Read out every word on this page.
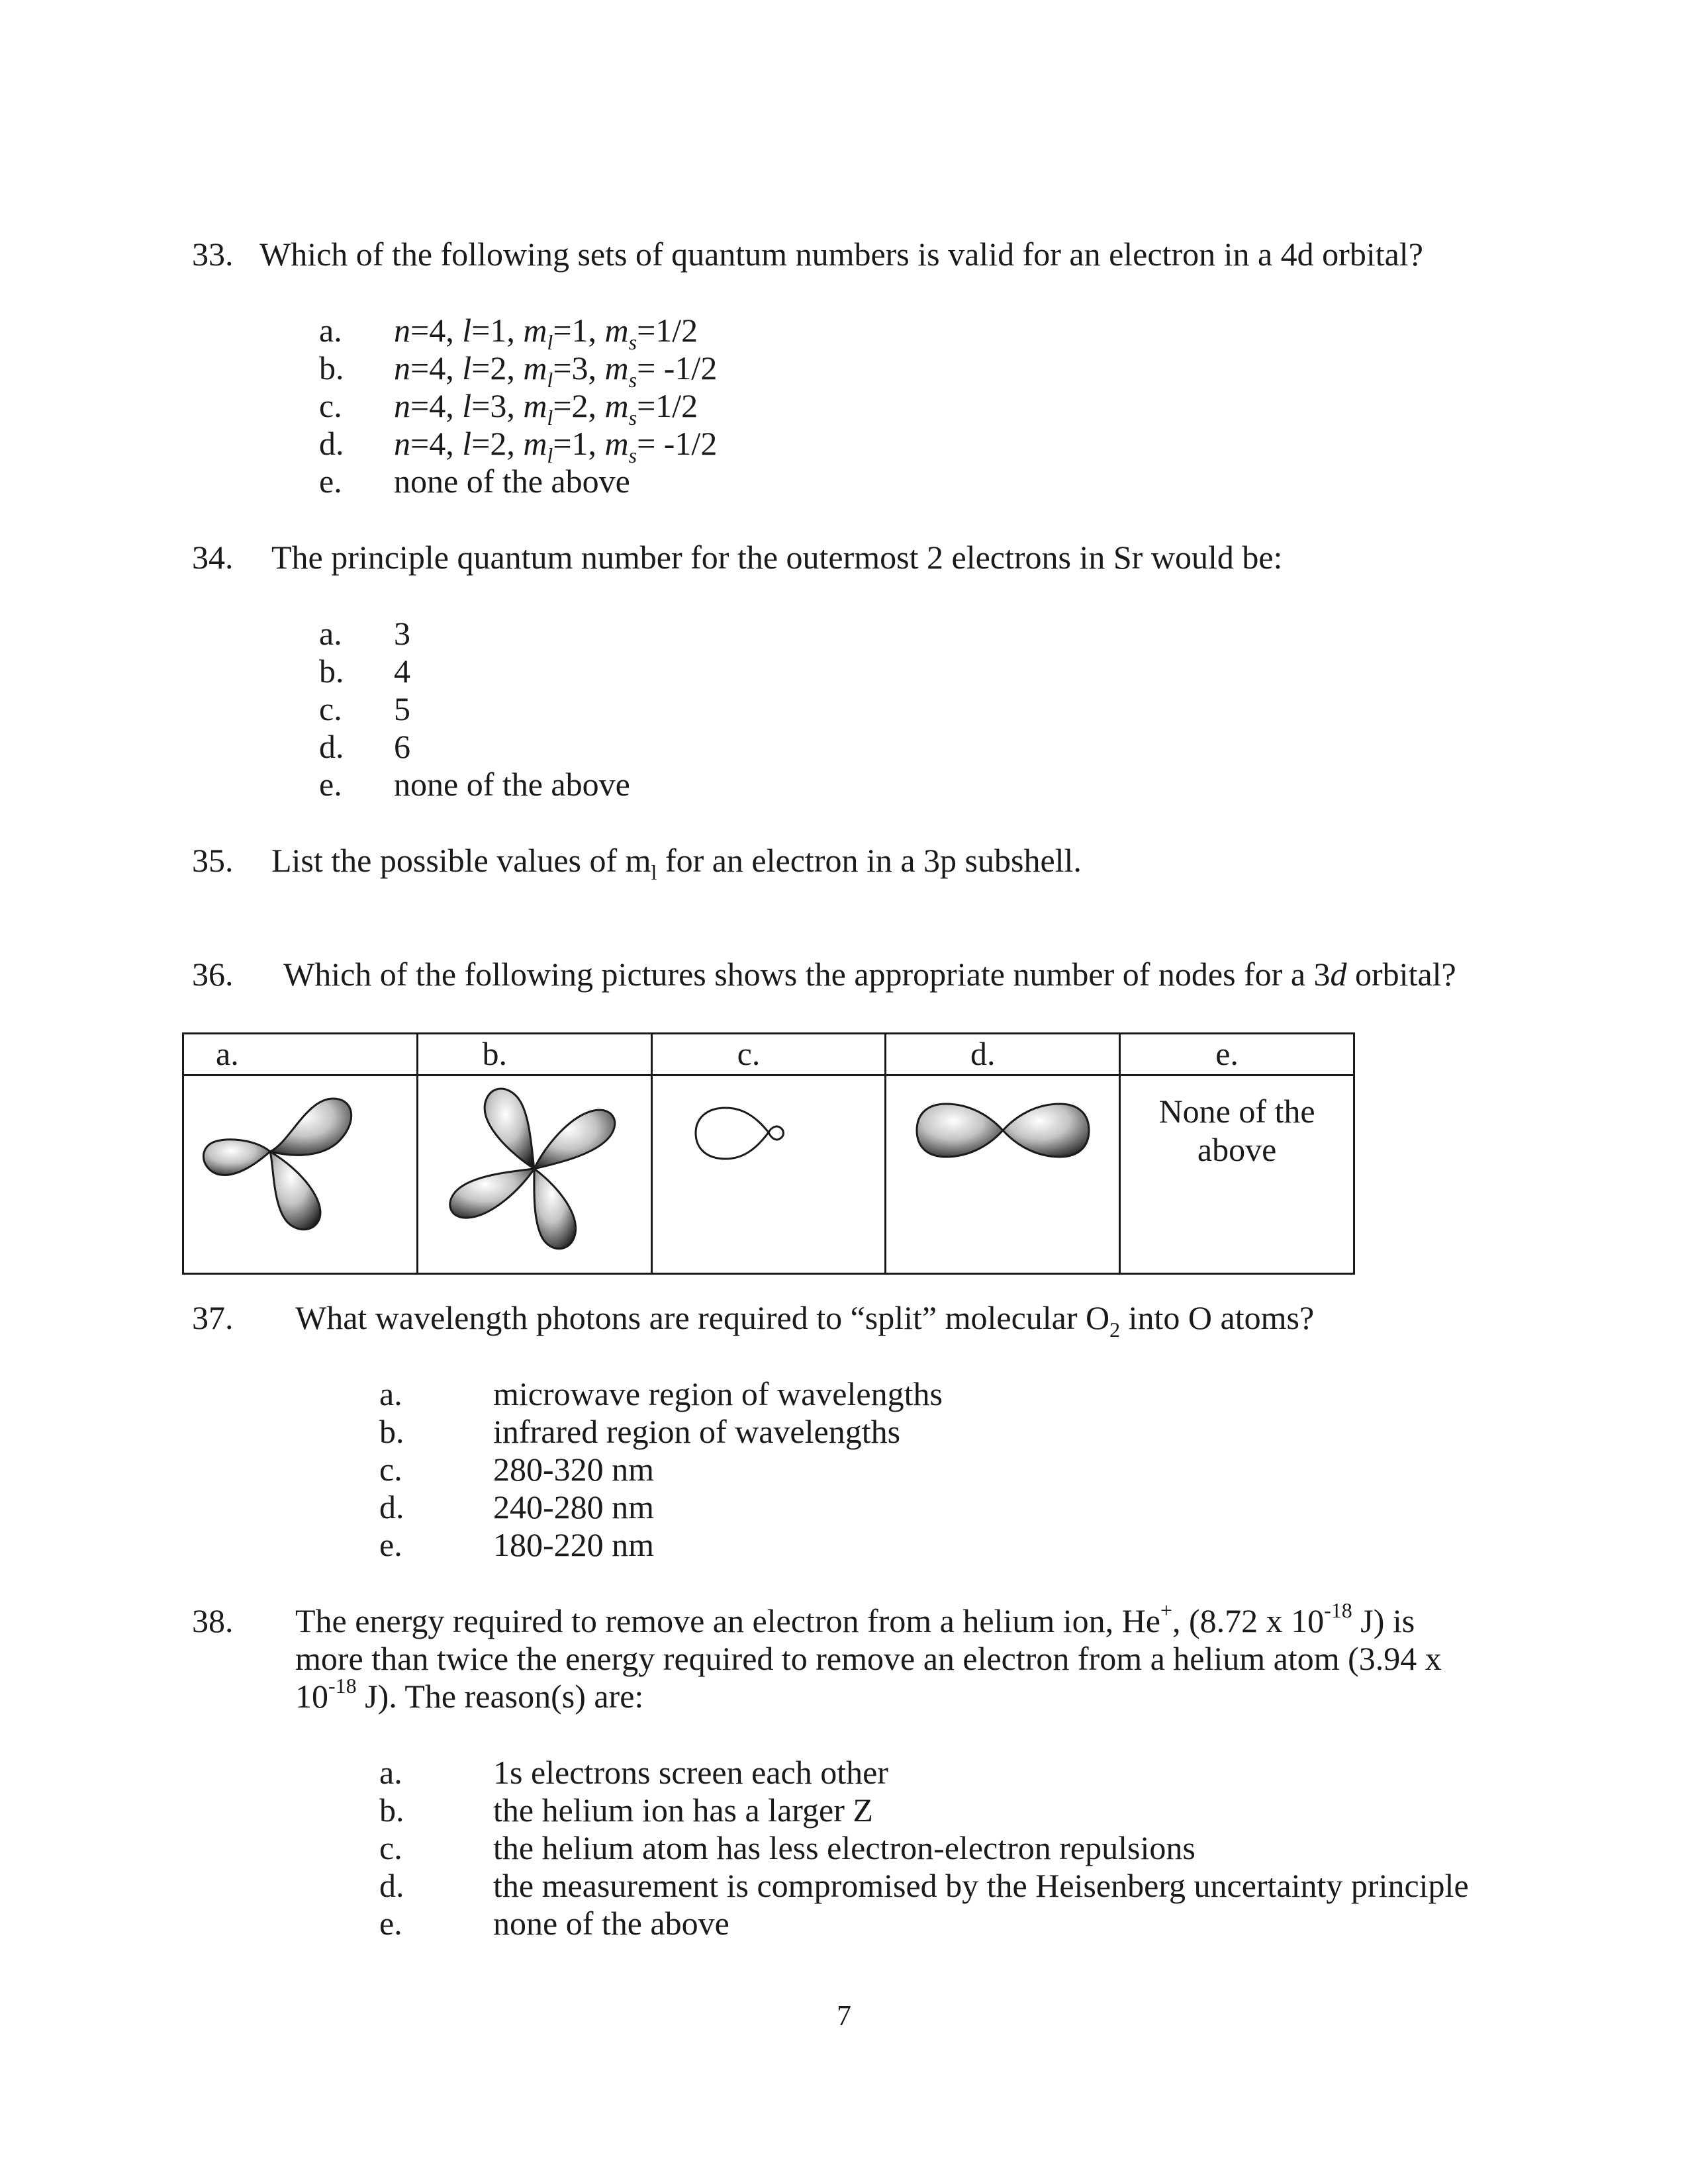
33. Which of the following sets of quantum numbers is valid for an electron in a 4d orbital?
a. n=4, l=1, $m_l=1$, $m_s=1/2$
b. n=4, l=2, $m_l=3$, $m_s= -1/2$
c. n=4, l=3, $m_l=2$, $m_s=1/2$
d. n=4, l=2, $m_l=1$, $m_s= -1/2$
e. none of the above
34. The principle quantum number for the outermost 2 electrons in Sr would be:
a. 3
b. 4
c. 5
d. 6
e. none of the above
35. List the possible values of $m_l$ for an electron in a 3p subshell.
36. Which of the following pictures shows the appropriate number of nodes for a 3d orbital?
a.	b.	c.	d.	e.

None of the
above
37. What wavelength photons are required to “split” molecular $O_2$ into O atoms?
a.	microwave region of wavelengths
b.	infrared region of wavelengths
c.	280-320 nm
d.	240-280 nm
e.	180-220 nm
38. The energy required to remove an electron from a helium ion, He+, (8.72 x $10^{-18}$ J) is
more than twice the energy required to remove an electron from a helium atom (3.94 x
$10^{-18}$ J). The reason(s) are:
a.	1s electrons screen each other
b.	the helium ion has a larger Z
c.	the helium atom has less electron-electron repulsions
d.	the measurement is compromised by the Heisenberg uncertainty principle
e.	none of the above
7
